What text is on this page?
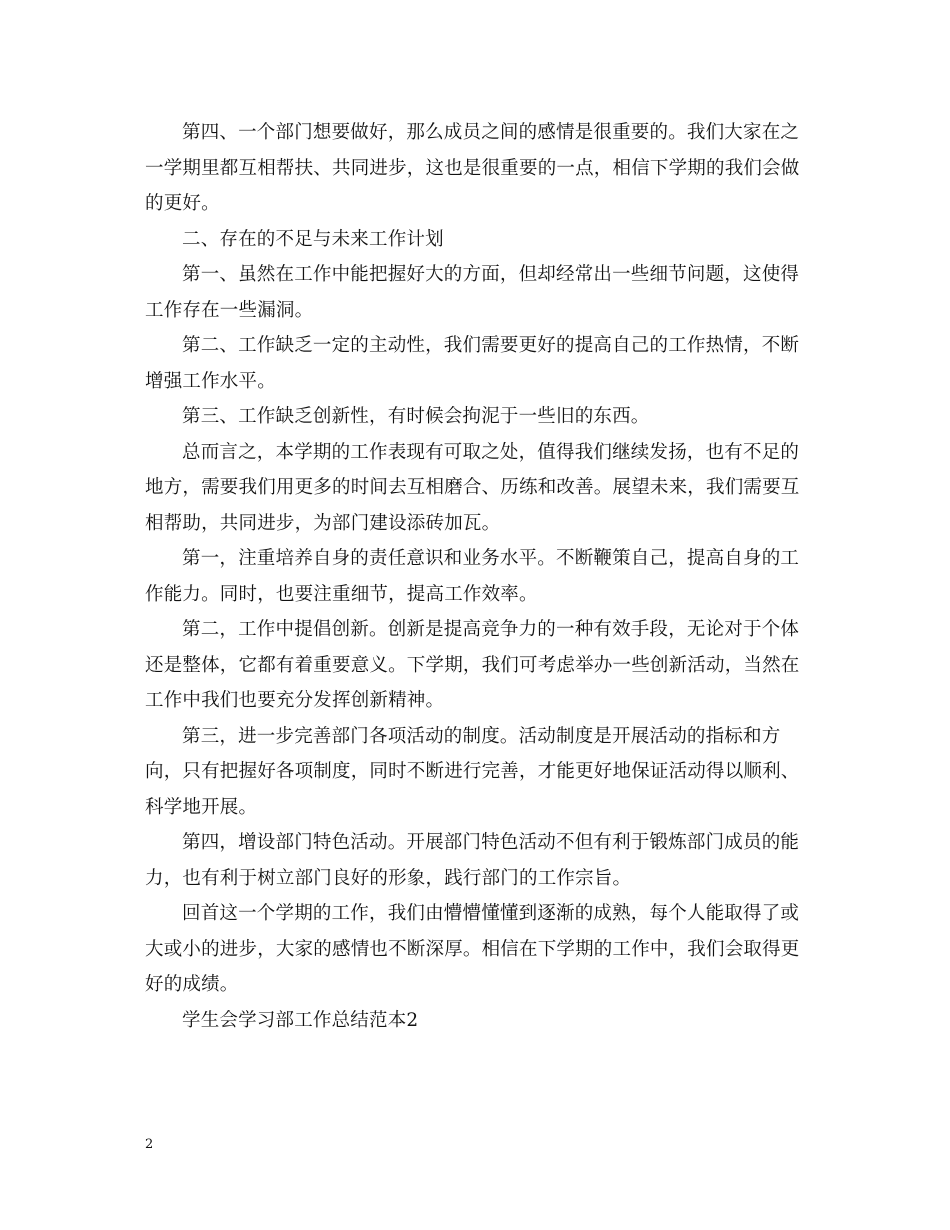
第四、一个部门想要做好，那么成员之间的感情是很重要的。我们大家在之一学期里都互相帮扶、共同进步，这也是很重要的一点，相信下学期的我们会做的更好。

二、存在的不足与未来工作计划

第一、虽然在工作中能把握好大的方面，但却经常出一些细节问题，这使得工作存在一些漏洞。

第二、工作缺乏一定的主动性，我们需要更好的提高自己的工作热情，不断增强工作水平。

第三、工作缺乏创新性，有时候会拘泥于一些旧的东西。

总而言之，本学期的工作表现有可取之处，值得我们继续发扬，也有不足的地方，需要我们用更多的时间去互相磨合、历练和改善。展望未来，我们需要互相帮助，共同进步，为部门建设添砖加瓦。

第一，注重培养自身的责任意识和业务水平。不断鞭策自己，提高自身的工作能力。同时，也要注重细节，提高工作效率。

第二，工作中提倡创新。创新是提高竞争力的一种有效手段，无论对于个体还是整体，它都有着重要意义。下学期，我们可考虑举办一些创新活动，当然在工作中我们也要充分发挥创新精神。

第三，进一步完善部门各项活动的制度。活动制度是开展活动的指标和方向，只有把握好各项制度，同时不断进行完善，才能更好地保证活动得以顺利、科学地开展。

第四，增设部门特色活动。开展部门特色活动不但有利于锻炼部门成员的能力，也有利于树立部门良好的形象，践行部门的工作宗旨。

回首这一个学期的工作，我们由懵懵懂懂到逐渐的成熟，每个人能取得了或大或小的进步，大家的感情也不断深厚。相信在下学期的工作中，我们会取得更好的成绩。

学生会学习部工作总结范本2

2
